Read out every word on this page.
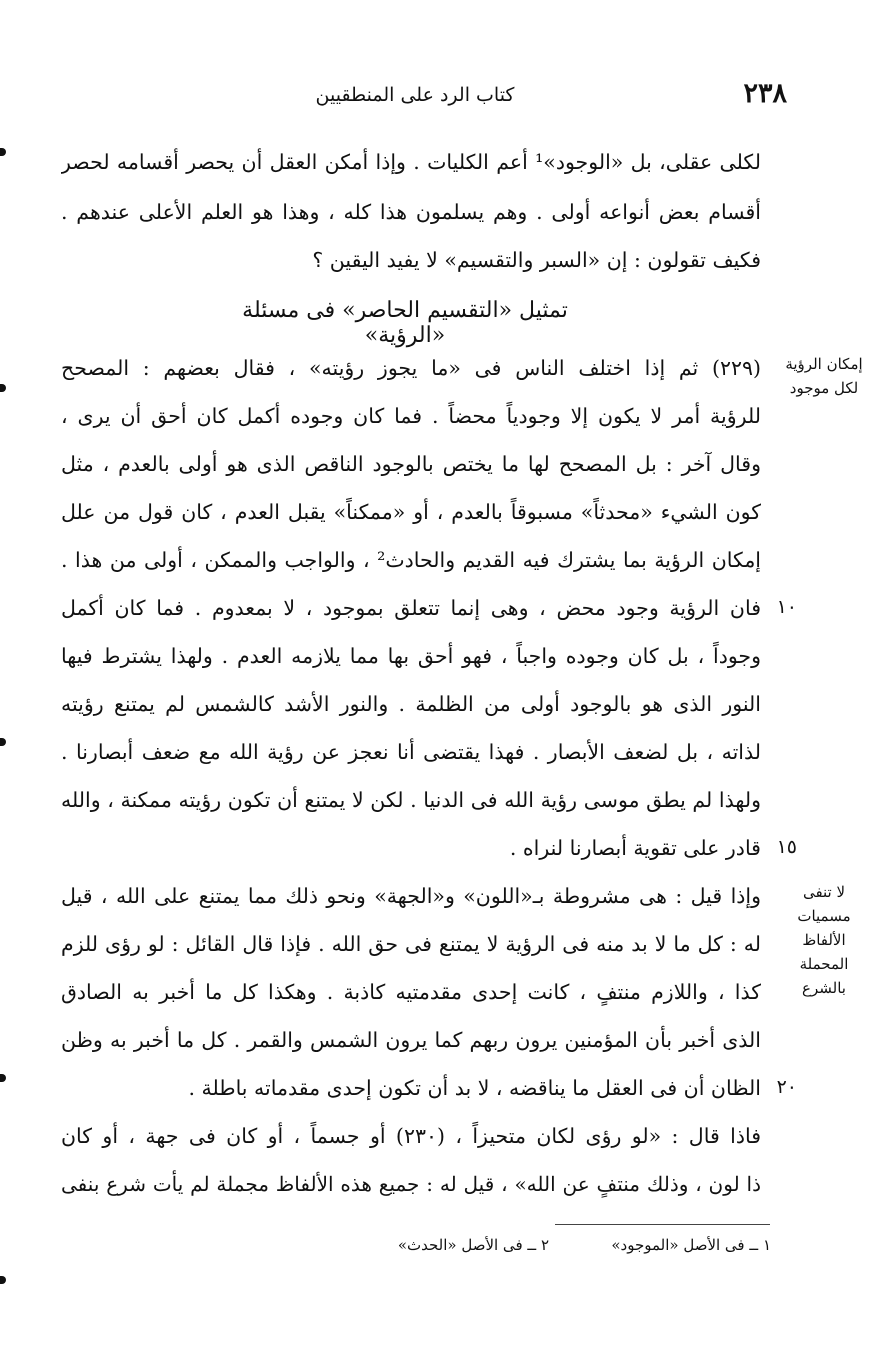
٢٣٨
كتاب الرد على المنطقيين
لكلى عقلى، بل «الوجود»¹ أعم الكليات . وإذا أمكن العقل أن يحصر أقسامه لحصر
أقسام بعض أنواعه أولى . وهم يسلمون هذا كله ، وهذا هو العلم الأعلى عندهم .
فكيف تقولون : إن «السبر والتقسيم» لا يفيد اليقين ؟
(٢٢٩) ثم إذا اختلف الناس فى «ما يجوز رؤيته» ، فقال بعضهم : المصحح
للرؤية أمر لا يكون إلا وجودياً محضاً . فما كان وجوده أكمل كان أحق أن يرى ،
وقال آخر : بل المصحح لها ما يختص بالوجود الناقص الذى هو أولى بالعدم ، مثل
كون الشيء «محدثاً» مسبوقاً بالعدم ، أو «ممكناً» يقبل العدم ، كان قول من علل
إمكان الرؤية بما يشترك فيه القديم والحادث² ، والواجب والممكن ، أولى من هذا .
فان الرؤية وجود محض ، وهى إنما تتعلق بموجود ، لا بمعدوم . فما كان أكمل
وجوداً ، بل كان وجوده واجباً ، فهو أحق بها مما يلازمه العدم . ولهذا يشترط فيها
النور الذى هو بالوجود أولى من الظلمة . والنور الأشد كالشمس لم يمتنع رؤيته
لذاته ، بل لضعف الأبصار . فهذا يقتضى أنا نعجز عن رؤية الله مع ضعف أبصارنا .
ولهذا لم يطق موسى رؤية الله فى الدنيا . لكن لا يمتنع أن تكون رؤيته ممكنة ، والله
قادر على تقوية أبصارنا لنراه .
وإذا قيل : هى مشروطة بـ«اللون» و«الجهة» ونحو ذلك مما يمتنع على الله ، قيل
له : كل ما لا بد منه فى الرؤية لا يمتنع فى حق الله . فإذا قال القائل : لو رؤى للزم
كذا ، واللازم منتفٍ ، كانت إحدى مقدمتيه كاذبة . وهكذا كل ما أخبر به الصادق
الذى أخبر بأن المؤمنين يرون ربهم كما يرون الشمس والقمر . كل ما أخبر به وظن
الظان أن فى العقل ما يناقضه ، لا بد أن تكون إحدى مقدماته باطلة .
فاذا قال : «لو رؤى لكان متحيزاً ، (٢٣٠) أو جسماً ، أو كان فى جهة ، أو كان
ذا لون ، وذلك منتفٍ عن الله» ، قيل له : جميع هذه الألفاظ مجملة لم يأت شرع بنفى
تمثيل «التقسيم الحاصر» فى مسئلة «الرؤية»
إمكان الرؤية لكل موجود
لا تنفى مسميات الألفاظ المحملة بالشرع
١٠
١٥
٢٠
١ ــ فى الأصل «الموجود»
٢ ــ فى الأصل «الحدث»
